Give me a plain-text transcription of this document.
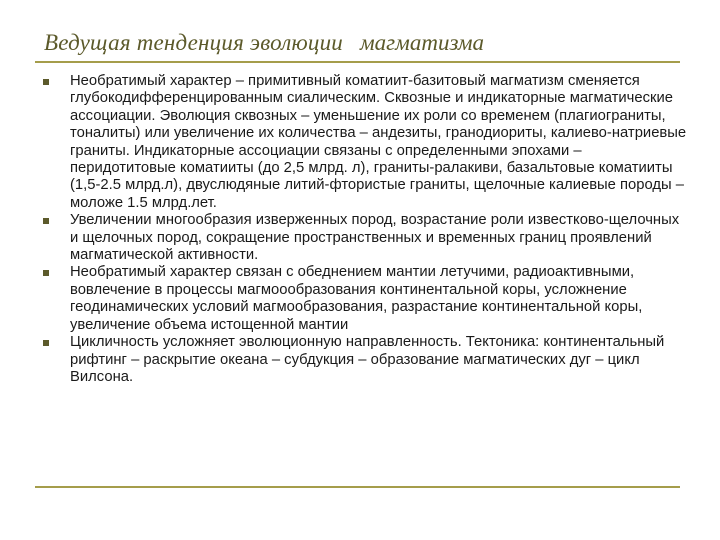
Ведущая тенденция эволюции магматизма
Необратимый характер – примитивный коматиит-базитовый магматизм сменяется глубокодифференцированным сиалическим. Сквозные и индикаторные магматические ассоциации. Эволюция сквозных – уменьшение их роли со временем (плагиограниты, тоналиты) или увеличение их количества – андезиты, гранодиориты, калиево-натриевые граниты. Индикаторные ассоциации связаны с определенными эпохами – перидотитовые коматииты (до 2,5 млрд. л), граниты-ралакиви, базальтовые коматииты (1,5-2.5 млрд.л), двуслюдяные литий-фтористые граниты, щелочные калиевые породы – моложе 1.5 млрд.лет.
Увеличении многообразия изверженных пород, возрастание роли известково-щелочных и щелочных пород, сокращение пространственных и временных границ проявлений магматической активности.
Необратимый характер связан с обеднением мантии летучими, радиоактивными, вовлечение в процессы магмоообразования континентальной коры, усложнение геодинамических условий магмообразования, разрастание континентальной коры, увеличение объема истощенной мантии
Цикличность усложняет эволюционную направленность. Тектоника: континентальный рифтинг – раскрытие океана – субдукция – образование магматических дуг – цикл Вилсона.
